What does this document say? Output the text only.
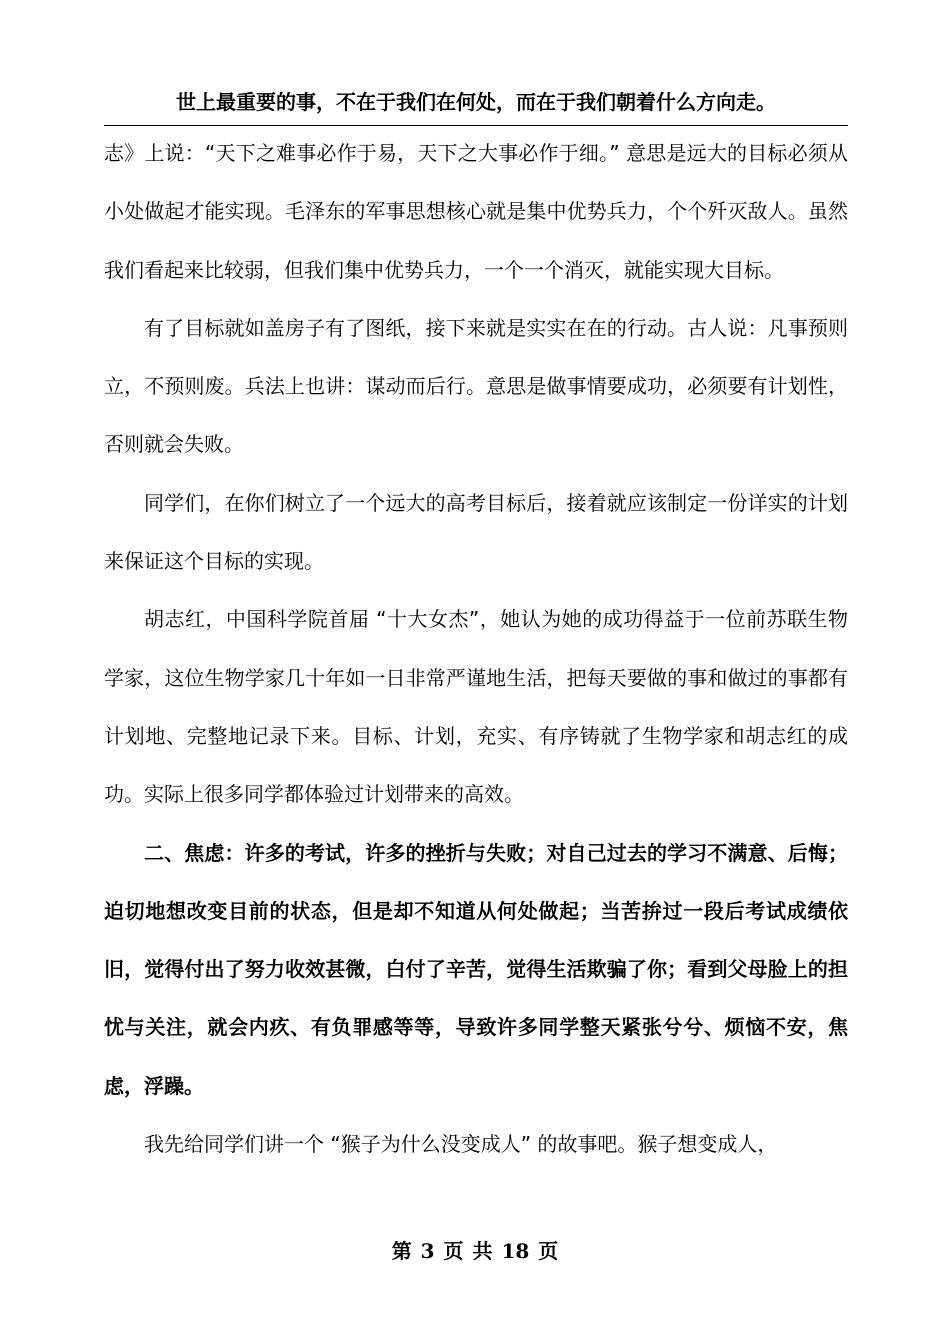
世上最重要的事，不在于我们在何处，而在于我们朝着什么方向走。

志》上说：“天下之难事必作于易，天下之大事必作于细。” 意思是远大的目标必须从小处做起才能实现。毛泽东的军事思想核心就是集中优势兵力，个个歼灭敌人。虽然我们看起来比较弱，但我们集中优势兵力，一个一个消灭，就能实现大目标。

有了目标就如盖房子有了图纸，接下来就是实实在在的行动。古人说：凡事预则立，不预则废。兵法上也讲：谋动而后行。意思是做事情要成功，必须要有计划性，否则就会失败。

同学们，在你们树立了一个远大的高考目标后，接着就应该制定一份详实的计划来保证这个目标的实现。

胡志红，中国科学院首届 “十大女杰”，她认为她的成功得益于一位前苏联生物学家，这位生物学家几十年如一日非常严谨地生活，把每天要做的事和做过的事都有计划地、完整地记录下来。目标、计划，充实、有序铸就了生物学家和胡志红的成功。实际上很多同学都体验过计划带来的高效。

二、焦虑：许多的考试，许多的挫折与失败；对自己过去的学习不满意、后悔；迫切地想改变目前的状态，但是却不知道从何处做起；当苦拚过一段后考试成绩依旧，觉得付出了努力收效甚微，白付了辛苦，觉得生活欺骗了你；看到父母脸上的担忧与关注，就会内疚、有负罪感等等，导致许多同学整天紧张兮兮、烦恼不安，焦虑，浮躁。

我先给同学们讲一个 “猴子为什么没变成人” 的故事吧。猴子想变成人，

第 3 页 共 18 页
